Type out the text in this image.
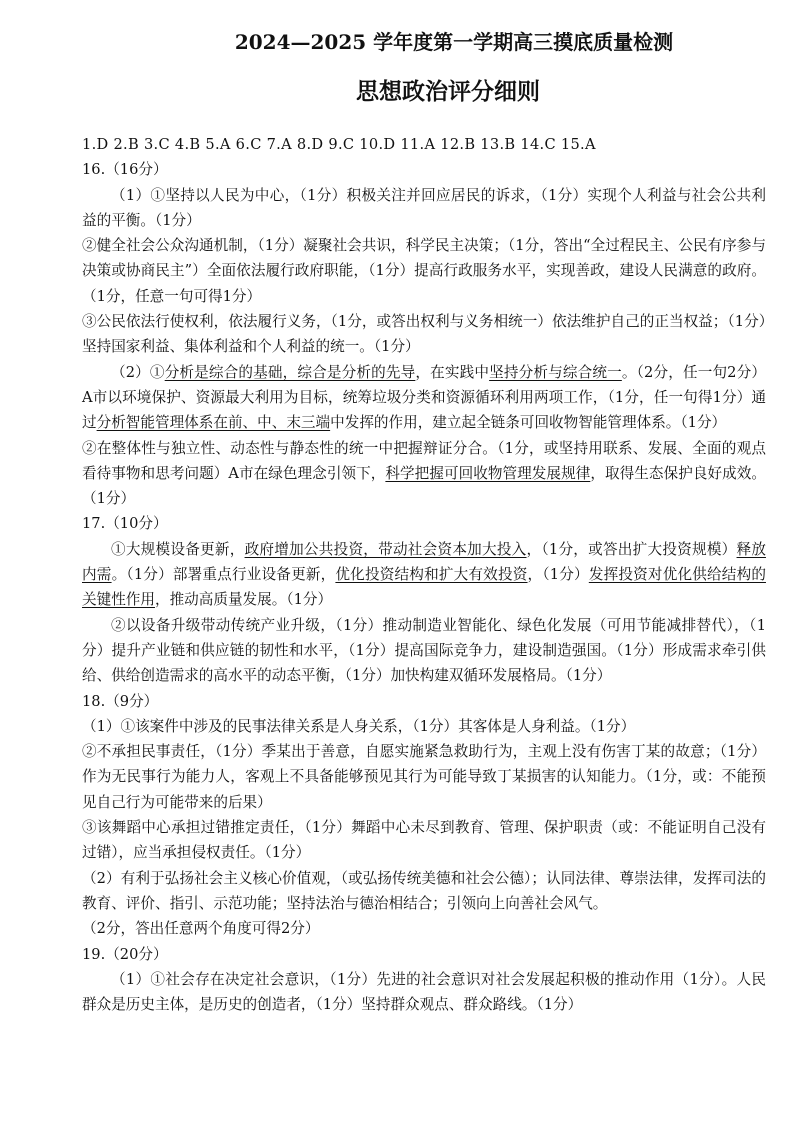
2024—2025 学年度第一学期高三摸底质量检测
思想政治评分细则

1.D 2.B 3.C 4.B 5.A 6.C 7.A 8.D 9.C 10.D 11.A 12.B 13.B 14.C 15.A

16.（16分）

（1）①坚持以人民为中心，（1分）积极关注并回应居民的诉求，（1分）实现个人利益与社会公共利益的平衡。（1分）

②健全社会公众沟通机制，（1分）凝聚社会共识，科学民主决策；（1分，答出“全过程民主、公民有序参与决策或协商民主”）全面依法履行政府职能，（1分）提高行政服务水平，实现善政，建设人民满意的政府。（1分，任意一句可得1分）

③公民依法行使权利，依法履行义务，（1分，或答出权利与义务相统一）依法维护自己的正当权益；（1分）坚持国家利益、集体利益和个人利益的统一。（1分）

（2）①分析是综合的基础，综合是分析的先导，在实践中坚持分析与综合统一。（2分，任一句2分）A市以环境保护、资源最大利用为目标，统筹垃圾分类和资源循环利用两项工作，（1分，任一句得1分）通过分析智能管理体系在前、中、末三端中发挥的作用，建立起全链条可回收物智能管理体系。（1分）

②在整体性与独立性、动态性与静态性的统一中把握辩证分合。（1分，或坚持用联系、发展、全面的观点看待事物和思考问题）A市在绿色理念引领下，科学把握可回收物管理发展规律，取得生态保护良好成效。（1分）

17.（10分）

①大规模设备更新，政府增加公共投资，带动社会资本加大投入，（1分，或答出扩大投资规模）释放内需。（1分）部署重点行业设备更新，优化投资结构和扩大有效投资，（1分）发挥投资对优化供给结构的关键性作用，推动高质量发展。（1分）

②以设备升级带动传统产业升级，（1分）推动制造业智能化、绿色化发展（可用节能减排替代），（1分）提升产业链和供应链的韧性和水平，（1分）提高国际竞争力，建设制造强国。（1分）形成需求牵引供给、供给创造需求的高水平的动态平衡，（1分）加快构建双循环发展格局。（1分）

18.（9分）

（1）①该案件中涉及的民事法律关系是人身关系，（1分）其客体是人身利益。（1分）

②不承担民事责任，（1分）季某出于善意，自愿实施紧急救助行为，主观上没有伤害丁某的故意；（1分）作为无民事行为能力人，客观上不具备能够预见其行为可能导致丁某损害的认知能力。（1分，或：不能预见自己行为可能带来的后果）

③该舞蹈中心承担过错推定责任，（1分）舞蹈中心未尽到教育、管理、保护职责（或：不能证明自己没有过错），应当承担侵权责任。（1分）

（2）有利于弘扬社会主义核心价值观，（或弘扬传统美德和社会公德）；认同法律、尊崇法律，发挥司法的教育、评价、指引、示范功能；坚持法治与德治相结合；引领向上向善社会风气。

（2分，答出任意两个角度可得2分）

19.（20分）

（1）①社会存在决定社会意识，（1分）先进的社会意识对社会发展起积极的推动作用（1分）。人民群众是历史主体，是历史的创造者，（1分）坚持群众观点、群众路线。（1分）
